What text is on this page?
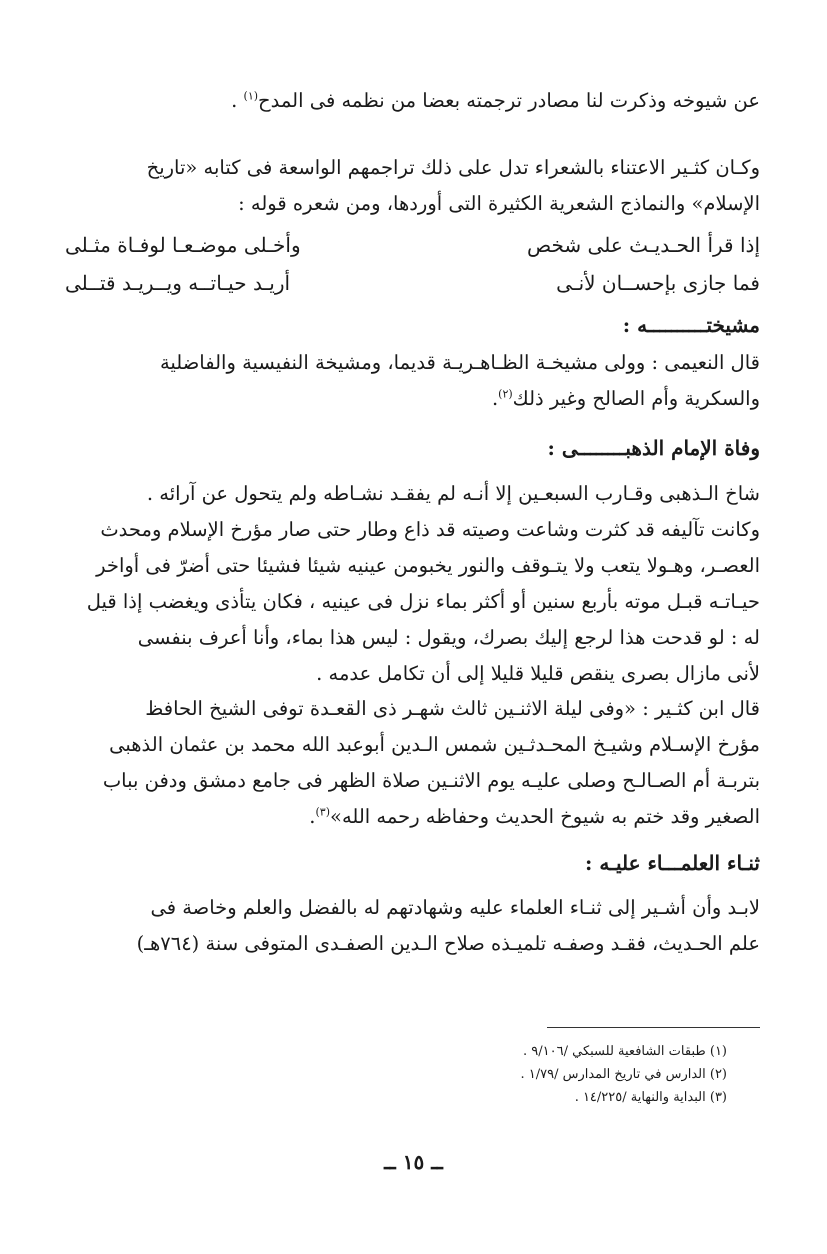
عن شيوخه وذكرت لنا مصادر ترجمته بعضا من نظمه فى المدح$^{(١)}$ .
وكـان كثـير الاعتناء بالشعراء تدل على ذلك تراجمهم الواسعة فى كتابه «تاريخ
الإسلام» والنماذج الشعرية الكثيرة التى أوردها، ومن شعره قوله :
إذا قرأ الحـديـث على شخص
وأخـلى موضـعـا لوفـاة مثـلى
فما جازى بإحســان لأنـى
أريـد حيـاتــه ويــريـد قتــلى
مشيختــــــــــه :
قال النعيمى : وولى مشيخـة الظـاهـريـة قديما، ومشيخة النفيسية والفاضلية
والسكرية وأم الصالح وغير ذلك$^{(٢)}$.
وفاة الإمام الذهبــــــــى :
شاخ الـذهبى وقـارب السبعـين إلا أنـه لم يفقـد نشـاطه ولم يتحول عن آرائه .
وكانت تآليفه قد كثرت وشاعت وصيته قد ذاع وطار حتى صار مؤرخ الإسلام ومحدث
العصـر، وهـولا يتعب ولا يتـوقف والنور يخبومن عينيه شيئا فشيئا حتى أضرّ فى أواخر
حيـاتـه قبـل موته بأربع سنين أو أكثر بماء نزل فى عينيه ، فكان يتأذى ويغضب إذا قيل
له : لو قدحت هذا لرجع إليك بصرك، ويقول : ليس هذا بماء، وأنا أعرف بنفسى
لأنى مازال بصرى ينقص قليلا قليلا إلى أن تكامل عدمه .
قال ابن كثـير : «وفى ليلة الاثنـين ثالث شهـر ذى القعـدة توفى الشيخ الحافظ
مؤرخ الإسـلام وشيـخ المحـدثـين شمس الـدين أبوعبد الله محمد بن عثمان الذهبى
بتربـة أم الصـالـح وصلى عليـه يوم الاثنـين صلاة الظهر فى جامع دمشق ودفن بباب
الصغير وقد ختم به شيوخ الحديث وحفاظه رحمه الله»$^{(٣)}$.
ثنـاء العلمـــاء عليـه :
لابـد وأن أشـير إلى ثنـاء العلماء عليه وشهادتهم له بالفضل والعلم وخاصة فى
علم الحـديث، فقـد وصفـه تلميـذه صلاح الـدين الصفـدى المتوفى سنة (٧٦٤هـ)
(١) طبقات الشافعية للسبكي /٩/١٠٦ .
(٢) الدارس في تاريخ المدارس /١/٧٩ .
(٣) البداية والنهاية /١٤/٢٢٥ .
ــ ١٥ ــ
